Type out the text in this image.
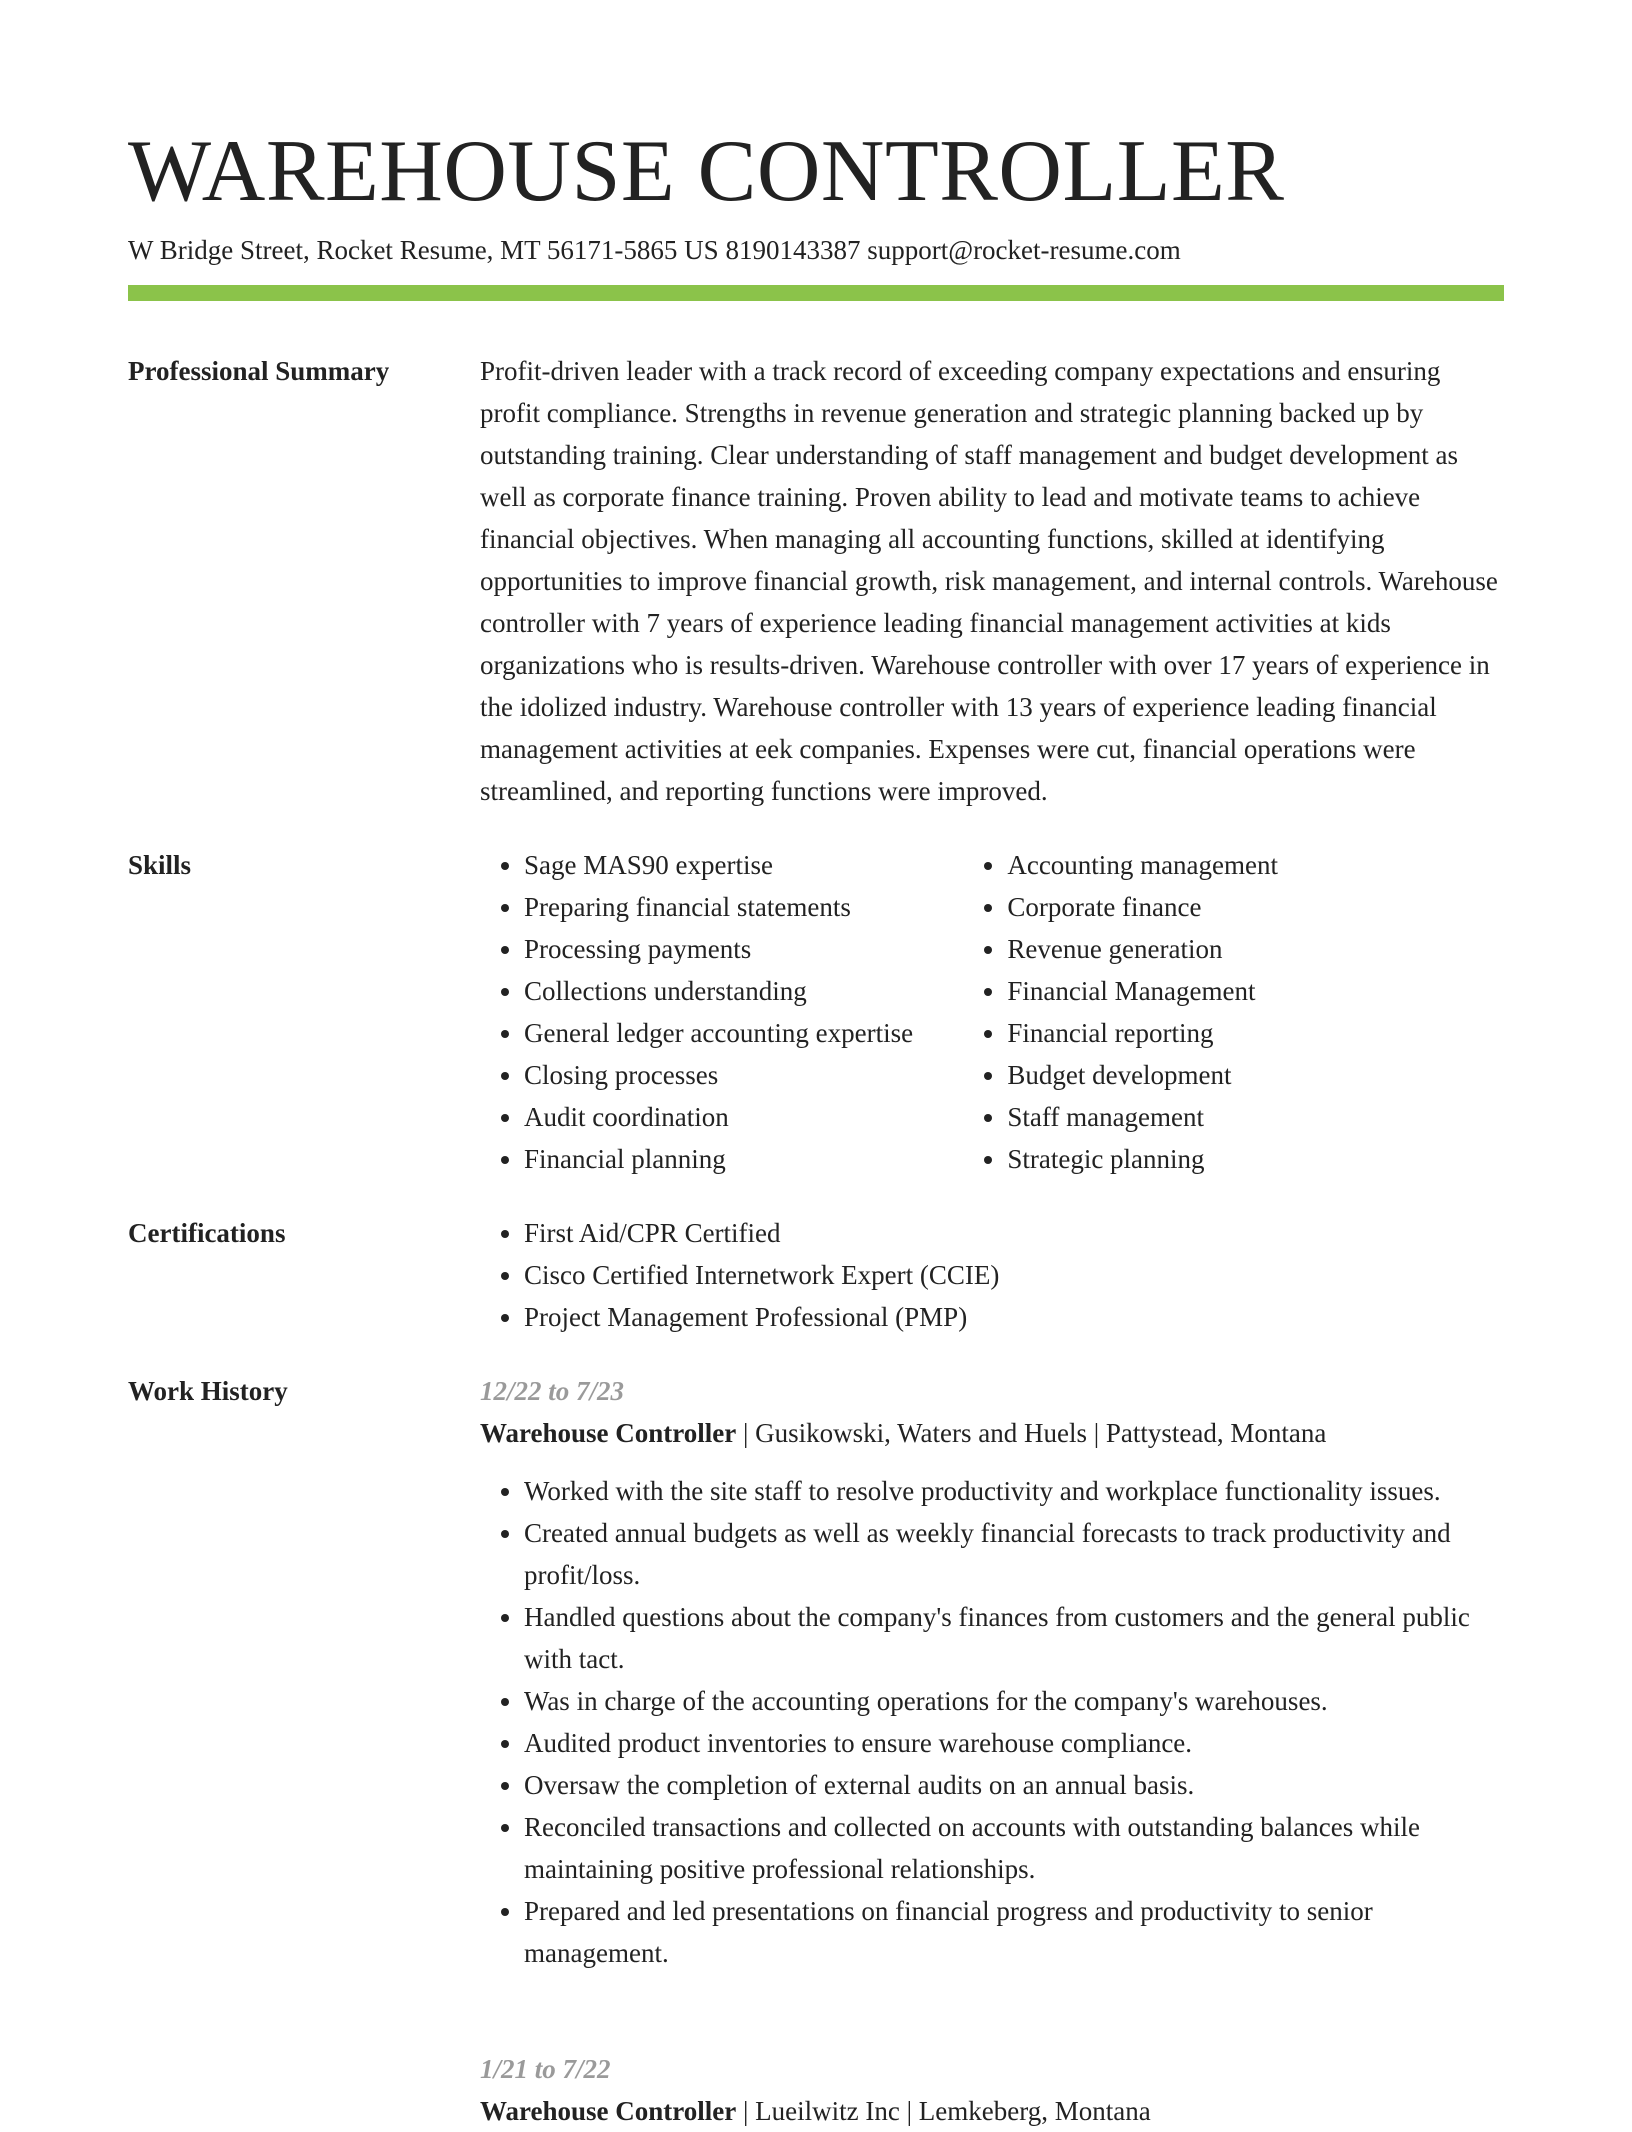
WAREHOUSE CONTROLLER
W Bridge Street, Rocket Resume, MT 56171-5865 US 8190143387 support@rocket-resume.com
Professional Summary	Profit-driven leader with a track record of exceeding company expectations and ensuring profit compliance. Strengths in revenue generation and strategic planning backed up by outstanding training. Clear understanding of staff management and budget development as well as corporate finance training. Proven ability to lead and motivate teams to achieve financial objectives. When managing all accounting functions, skilled at identifying opportunities to improve financial growth, risk management, and internal controls. Warehouse controller with 7 years of experience leading financial management activities at kids organizations who is results-driven. Warehouse controller with over 17 years of experience in the idolized industry. Warehouse controller with 13 years of experience leading financial management activities at eek companies. Expenses were cut, financial operations were streamlined, and reporting functions were improved.

Skills	• Sage MAS90 expertise
• Preparing financial statements
• Processing payments
• Collections understanding
• General ledger accounting expertise
• Closing processes
• Audit coordination
• Financial planning
• Accounting management
• Corporate finance
• Revenue generation
• Financial Management
• Financial reporting
• Budget development
• Staff management
• Strategic planning
Certifications	• First Aid/CPR Certified
• Cisco Certified Internetwork Expert (CCIE)
• Project Management Professional (PMP)
Work History	12/22 to 7/23
Warehouse Controller | Gusikowski, Waters and Huels | Pattystead, Montana
• Worked with the site staff to resolve productivity and workplace functionality issues.
• Created annual budgets as well as weekly financial forecasts to track productivity and profit/loss.
• Handled questions about the company's finances from customers and the general public with tact.
• Was in charge of the accounting operations for the company's warehouses.
• Audited product inventories to ensure warehouse compliance.
• Oversaw the completion of external audits on an annual basis.
• Reconciled transactions and collected on accounts with outstanding balances while maintaining positive professional relationships.
• Prepared and led presentations on financial progress and productivity to senior management.
1/21 to 7/22
Warehouse Controller | Lueilwitz Inc | Lemkeberg, Montana
